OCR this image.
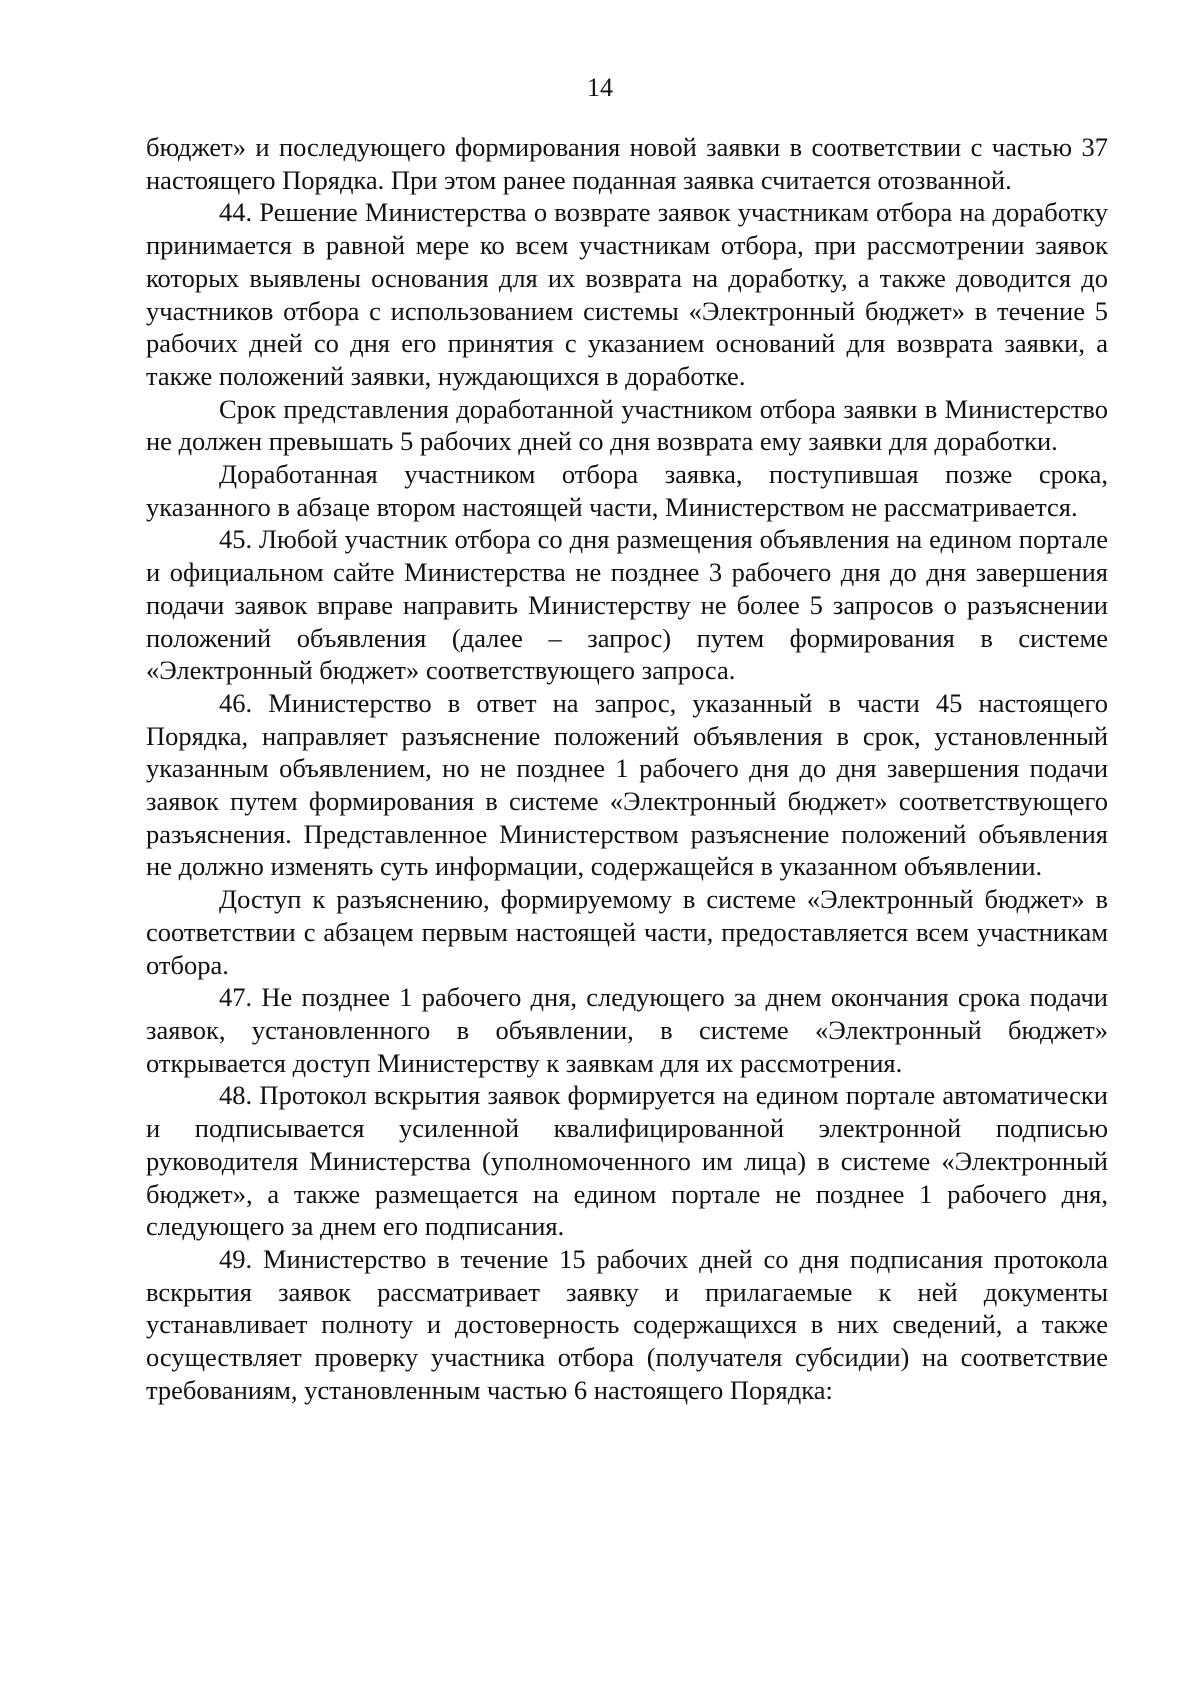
14

бюджет» и последующего формирования новой заявки в соответствии с частью 37 настоящего Порядка. При этом ранее поданная заявка считается отозванной.

44. Решение Министерства о возврате заявок участникам отбора на доработку принимается в равной мере ко всем участникам отбора, при рассмотрении заявок которых выявлены основания для их возврата на доработку, а также доводится до участников отбора с использованием системы «Электронный бюджет» в течение 5 рабочих дней со дня его принятия с указанием оснований для возврата заявки, а также положений заявки, нуждающихся в доработке.

Срок представления доработанной участником отбора заявки в Министерство не должен превышать 5 рабочих дней со дня возврата ему заявки для доработки.

Доработанная участником отбора заявка, поступившая позже срока, указанного в абзаце втором настоящей части, Министерством не рассматривается.

45. Любой участник отбора со дня размещения объявления на едином портале и официальном сайте Министерства не позднее 3 рабочего дня до дня завершения подачи заявок вправе направить Министерству не более 5 запросов о разъяснении положений объявления (далее – запрос) путем формирования в системе «Электронный бюджет» соответствующего запроса.

46. Министерство в ответ на запрос, указанный в части 45 настоящего Порядка, направляет разъяснение положений объявления в срок, установленный указанным объявлением, но не позднее 1 рабочего дня до дня завершения подачи заявок путем формирования в системе «Электронный бюджет» соответствующего разъяснения. Представленное Министерством разъяснение положений объявления не должно изменять суть информации, содержащейся в указанном объявлении.

Доступ к разъяснению, формируемому в системе «Электронный бюджет» в соответствии с абзацем первым настоящей части, предоставляется всем участникам отбора.

47. Не позднее 1 рабочего дня, следующего за днем окончания срока подачи заявок, установленного в объявлении, в системе «Электронный бюджет» открывается доступ Министерству к заявкам для их рассмотрения.

48. Протокол вскрытия заявок формируется на едином портале автоматически и подписывается усиленной квалифицированной электронной подписью руководителя Министерства (уполномоченного им лица) в системе «Электронный бюджет», а также размещается на едином портале не позднее 1 рабочего дня, следующего за днем его подписания.

49. Министерство в течение 15 рабочих дней со дня подписания протокола вскрытия заявок рассматривает заявку и прилагаемые к ней документы устанавливает полноту и достоверность содержащихся в них сведений, а также осуществляет проверку участника отбора (получателя субсидии) на соответствие требованиям, установленным частью 6 настоящего Порядка:
